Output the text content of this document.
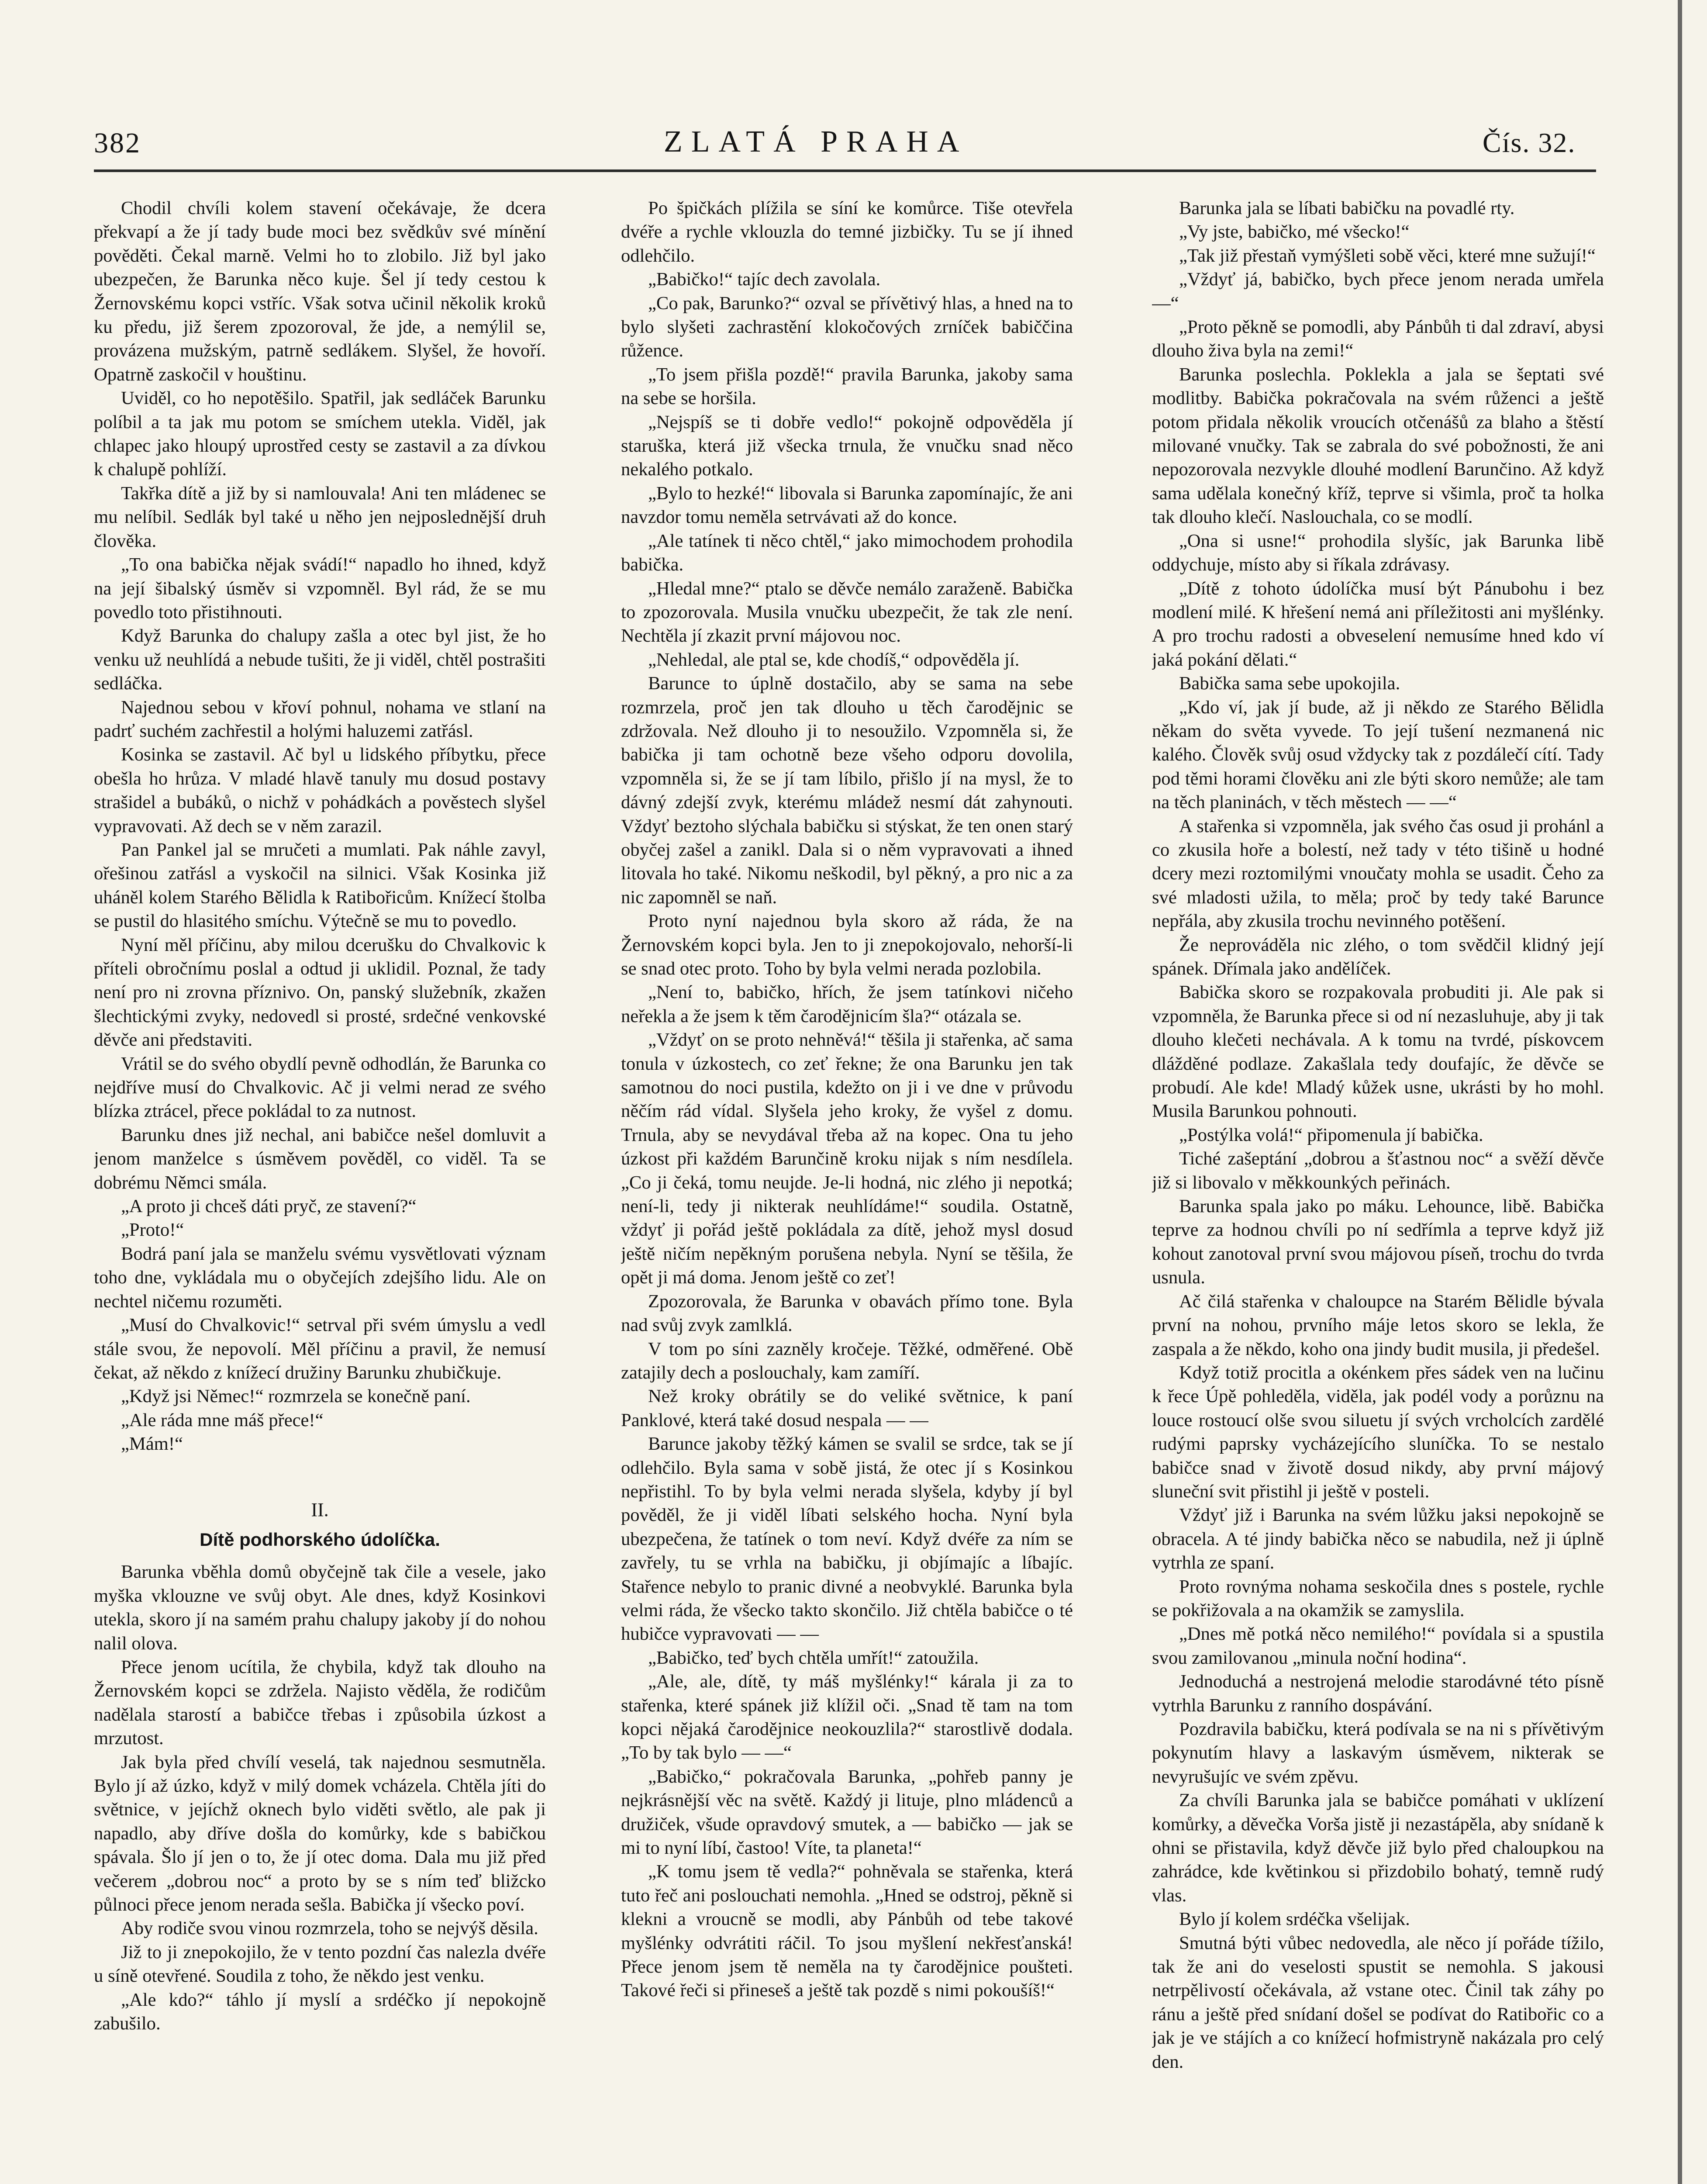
382	ZLATÁ PRAHA	Čís. 32.

Chodil chvíli kolem stavení očekávaje, že dcera překvapí a že jí tady bude moci bez svědkův své mínění pověděti. Čekal marně. Velmi ho to zlobilo. Již byl jako ubezpečen, že Barunka něco kuje. Šel jí tedy cestou k Žernovskému kopci vstříc. Však sotva učinil několik kroků ku předu, již šerem zpozoroval, že jde, a nemýlil se, provázena mužským, patrně sedlákem. Slyšel, že hovoří. Opatrně zaskočil v houštinu.

Uviděl, co ho nepotěšilo. Spatřil, jak sedláček Barunku políbil a ta jak mu potom se smíchem utekla. Viděl, jak chlapec jako hloupý uprostřed cesty se zastavil a za dívkou k chalupě pohlíží.

Takřka dítě a již by si namlouvala! Ani ten mládenec se mu nelíbil. Sedlák byl také u něho jen nejposlednější druh člověka.

„To ona babička nějak svádí!“ napadlo ho ihned, když na její šibalský úsměv si vzpomněl. Byl rád, že se mu povedlo toto přistihnouti.

Když Barunka do chalupy zašla a otec byl jist, že ho venku už neuhlídá a nebude tušiti, že ji viděl, chtěl postrašiti sedláčka.

Najednou sebou v křoví pohnul, nohama ve stlaní na padrť suchém zachřestil a holými haluzemi zatřásl.

Kosinka se zastavil. Ač byl u lidského příbytku, přece obešla ho hrůza. V mladé hlavě tanuly mu dosud postavy strašidel a bubáků, o nichž v pohádkách a pověstech slyšel vypravovati. Až dech se v něm zarazil.

Pan Pankel jal se mručeti a mumlati. Pak náhle zavyl, ořešinou zatřásl a vyskočil na silnici. Však Kosinka již uháněl kolem Starého Bělidla k Ratibořicům. Knížecí štolba se pustil do hlasitého smíchu. Výtečně se mu to povedlo.

Nyní měl příčinu, aby milou dcerušku do Chvalkovic k příteli obročnímu poslal a odtud ji uklidil. Poznal, že tady není pro ni zrovna příznivo. On, panský služebník, zkažen šlechtickými zvyky, nedovedl si prosté, srdečné venkovské děvče ani představiti.

Vrátil se do svého obydlí pevně odhodlán, že Barunka co nejdříve musí do Chvalkovic. Ač ji velmi nerad ze svého blízka ztrácel, přece pokládal to za nutnost.

Barunku dnes již nechal, ani babičce nešel domluvit a jenom manželce s úsměvem pověděl, co viděl. Ta se dobrému Němci smála.

„A proto ji chceš dáti pryč, ze stavení?“

„Proto!“

Bodrá paní jala se manželu svému vysvětlovati význam toho dne, vykládala mu o obyčejích zdejšího lidu. Ale on nechtel ničemu rozuměti.

„Musí do Chvalkovic!“ setrval při svém úmyslu a vedl stále svou, že nepovolí. Měl příčinu a pravil, že nemusí čekat, až někdo z knížecí družiny Barunku zhubičkuje.

„Když jsi Němec!“ rozmrzela se konečně paní.

„Ale ráda mne máš přece!“

„Mám!“

II.

Dítě podhorského údolíčka.

Barunka vběhla domů obyčejně tak čile a vesele, jako myška vklouzne ve svůj obyt. Ale dnes, když Kosinkovi utekla, skoro jí na samém prahu chalupy jakoby jí do nohou nalil olova.

Přece jenom ucítila, že chybila, když tak dlouho na Žernovském kopci se zdržela. Najisto věděla, že rodičům nadělala starostí a babičce třebas i způsobila úzkost a mrzutost.

Jak byla před chvílí veselá, tak najednou sesmutněla. Bylo jí až úzko, když v milý domek vcházela. Chtěla jíti do světnice, v jejíchž oknech bylo viděti světlo, ale pak ji napadlo, aby dříve došla do komůrky, kde s babičkou spávala. Šlo jí jen o to, že jí otec doma. Dala mu již před večerem „dobrou noc“ a proto by se s ním teď bližcko půlnoci přece jenom nerada sešla. Babička jí všecko poví.

Aby rodiče svou vinou rozmrzela, toho se nejvýš děsila.

Již to ji znepokojilo, že v tento pozdní čas nalezla dvéře u síně otevřené. Soudila z toho, že někdo jest venku.

„Ale kdo?“ táhlo jí myslí a srdéčko jí nepokojně zabušilo.

Po špičkách plížila se síní ke komůrce. Tiše otevřela dvéře a rychle vklouzla do temné jizbičky. Tu se jí ihned odlehčilo.

„Babičko!“ tajíc dech zavolala.

„Co pak, Barunko?“ ozval se přívětivý hlas, a hned na to bylo slyšeti zachrastění klokočových zrníček babiččina růžence.

„To jsem přišla pozdě!“ pravila Barunka, jakoby sama na sebe se horšila.

„Nejspíš se ti dobře vedlo!“ pokojně odpověděla jí staruška, která již všecka trnula, že vnučku snad něco nekalého potkalo.

„Bylo to hezké!“ libovala si Barunka zapomínajíc, že ani navzdor tomu neměla setrvávati až do konce.

„Ale tatínek ti něco chtěl,“ jako mimochodem prohodila babička.

„Hledal mne?“ ptalo se děvče nemálo zaraženě. Babička to zpozorovala. Musila vnučku ubezpečit, že tak zle není. Nechtěla jí zkazit první májovou noc.

„Nehledal, ale ptal se, kde chodíš,“ odpověděla jí.

Barunce to úplně dostačilo, aby se sama na sebe rozmrzela, proč jen tak dlouho u těch čarodějnic se zdržovala. Než dlouho ji to nesoužilo. Vzpomněla si, že babička ji tam ochotně beze všeho odporu dovolila, vzpomněla si, že se jí tam líbilo, přišlo jí na mysl, že to dávný zdejší zvyk, kterému mládež nesmí dát zahynouti. Vždyť beztoho slýchala babičku si stýskat, že ten onen starý obyčej zašel a zanikl. Dala si o něm vypravovati a ihned litovala ho také. Nikomu neškodil, byl pěkný, a pro nic a za nic zapomněl se naň.

Proto nyní najednou byla skoro až ráda, že na Žernovském kopci byla. Jen to ji znepokojovalo, nehorší-li se snad otec proto. Toho by byla velmi nerada pozlobila.

„Není to, babičko, hřích, že jsem tatínkovi ničeho neřekla a že jsem k těm čarodějnicím šla?“ otázala se.

„Vždyť on se proto nehněvá!“ těšila ji stařenka, ač sama tonula v úzkostech, co zeť řekne; že ona Barunku jen tak samotnou do noci pustila, kdežto on ji i ve dne v průvodu něčím rád vídal. Slyšela jeho kroky, že vyšel z domu. Trnula, aby se nevydával třeba až na kopec. Ona tu jeho úzkost při každém Barunčině kroku nijak s ním nesdílela. „Co ji čeká, tomu neujde. Je-li hodná, nic zlého ji nepotká; není-li, tedy ji nikterak neuhlídáme!“ soudila. Ostatně, vždyť ji pořád ještě pokládala za dítě, jehož mysl dosud ještě ničím nepěkným porušena nebyla. Nyní se těšila, že opět ji má doma. Jenom ještě co zeť!

Zpozorovala, že Barunka v obavách přímo tone. Byla nad svůj zvyk zamlklá.

V tom po síni zazněly kročeje. Těžké, odměřené. Obě zatajily dech a poslouchaly, kam zamíří.

Než kroky obrátily se do veliké světnice, k paní Panklové, která také dosud nespala — —

Barunce jakoby těžký kámen se svalil se srdce, tak se jí odlehčilo. Byla sama v sobě jistá, že otec jí s Kosinkou nepřistihl. To by byla velmi nerada slyšela, kdyby jí byl pověděl, že ji viděl líbati selského hocha. Nyní byla ubezpečena, že tatínek o tom neví. Když dvéře za ním se zavřely, tu se vrhla na babičku, ji objímajíc a líbajíc. Stařence nebylo to pranic divné a neobvyklé. Barunka byla velmi ráda, že všecko takto skončilo. Již chtěla babičce o té hubičce vypravovati — —

„Babičko, teď bych chtěla umřít!“ zatoužila.

„Ale, ale, dítě, ty máš myšlénky!“ kárala ji za to stařenka, které spánek již klížil oči. „Snad tě tam na tom kopci nějaká čarodějnice neokouzlila?“ starostlivě dodala. „To by tak bylo — —“

„Babičko,“ pokračovala Barunka, „pohřeb panny je nejkrásnější věc na světě. Každý ji lituje, plno mládenců a družiček, všude opravdový smutek, a — babičko — jak se mi to nyní líbí, častoo! Víte, ta planeta!“

„K tomu jsem tě vedla?“ pohněvala se stařenka, která tuto řeč ani poslouchati nemohla. „Hned se odstroj, pěkně si klekni a vroucně se modli, aby Pánbůh od tebe takové myšlénky odvrátiti ráčil. To jsou myšlení nekřesťanská! Přece jenom jsem tě neměla na ty čarodějnice poušteti. Takové řeči si přineseš a ještě tak pozdě s nimi pokoušíš!“

Barunka jala se líbati babičku na povadlé rty.

„Vy jste, babičko, mé všecko!“

„Tak již přestaň vymýšleti sobě věci, které mne sužují!“

„Vždyť já, babičko, bych přece jenom nerada umřela —“

„Proto pěkně se pomodli, aby Pánbůh ti dal zdraví, abysi dlouho živa byla na zemi!“

Barunka poslechla. Poklekla a jala se šeptati své modlitby. Babička pokračovala na svém růženci a ještě potom přidala několik vroucích otčenášů za blaho a štěstí milované vnučky. Tak se zabrala do své pobožnosti, že ani nepozorovala nezvykle dlouhé modlení Barunčino. Až když sama udělala konečný kříž, teprve si všimla, proč ta holka tak dlouho klečí. Naslouchala, co se modlí.

„Ona si usne!“ prohodila slyšíc, jak Barunka libě oddychuje, místo aby si říkala zdrávasy.

„Dítě z tohoto údolíčka musí být Pánubohu i bez modlení milé. K hřešení nemá ani příležitosti ani myšlénky. A pro trochu radosti a obveselení nemusíme hned kdo ví jaká pokání dělati.“

Babička sama sebe upokojila.

„Kdo ví, jak jí bude, až ji někdo ze Starého Bělidla někam do světa vyvede. To její tušení nezmanená nic kalého. Člověk svůj osud vždycky tak z pozdálečí cítí. Tady pod těmi horami člověku ani zle býti skoro nemůže; ale tam na těch planinách, v těch městech — —“

A stařenka si vzpomněla, jak svého čas osud ji prohánl a co zkusila hoře a bolestí, než tady v této tišině u hodné dcery mezi roztomilými vnoučaty mohla se usadit. Čeho za své mladosti užila, to měla; proč by tedy také Barunce nepřála, aby zkusila trochu nevinného potěšení.

Že neprováděla nic zlého, o tom svědčil klidný její spánek. Dřímala jako andělíček.

Babička skoro se rozpakovala probuditi ji. Ale pak si vzpomněla, že Barunka přece si od ní nezasluhuje, aby ji tak dlouho klečeti nechávala. A k tomu na tvrdé, pískovcem dlážděné podlaze. Zakašlala tedy doufajíc, že děvče se probudí. Ale kde! Mladý kůžek usne, ukrásti by ho mohl. Musila Barunkou pohnouti.

„Postýlka volá!“ připomenula jí babička.

Tiché zašeptání „dobrou a šťastnou noc“ a svěží děvče již si libovalo v měkkounkých peřinách.

Barunka spala jako po máku. Lehounce, libě. Babička teprve za hodnou chvíli po ní sedřímla a teprve když již kohout zanotoval první svou májovou píseň, trochu do tvrda usnula.

Ač čilá stařenka v chaloupce na Starém Bělidle bývala první na nohou, prvního máje letos skoro se lekla, že zaspala a že někdo, koho ona jindy budit musila, ji předešel.

Když totiž procitla a okénkem přes sádek ven na lučinu k řece Úpě pohleděla, viděla, jak podél vody a porůznu na louce rostoucí olše svou siluetu jí svých vrcholcích zardělé rudými paprsky vycházejícího sluníčka. To se nestalo babičce snad v životě dosud nikdy, aby první májový sluneční svit přistihl ji ještě v posteli.

Vždyť již i Barunka na svém lůžku jaksi nepokojně se obracela. A té jindy babička něco se nabudila, než ji úplně vytrhla ze spaní.

Proto rovnýma nohama seskočila dnes s postele, rychle se pokřižovala a na okamžik se zamyslila.

„Dnes mě potká něco nemilého!“ povídala si a spustila svou zamilovanou „minula noční hodina“.

Jednoduchá a nestrojená melodie starodávné této písně vytrhla Barunku z ranního dospávání.

Pozdravila babičku, která podívala se na ni s přívětivým pokynutím hlavy a laskavým úsměvem, nikterak se nevyrušujíc ve svém zpěvu.

Za chvíli Barunka jala se babičce pomáhati v uklízení komůrky, a děvečka Vorša jistě ji nezastápěla, aby snídaně k ohni se přistavila, když děvče již bylo před chaloupkou na zahrádce, kde květinkou si přizdobilo bohatý, temně rudý vlas.

Bylo jí kolem srdéčka všelijak.

Smutná býti vůbec nedovedla, ale něco jí pořáde tížilo, tak že ani do veselosti spustit se nemohla. S jakousi netrpělivostí očekávala, až vstane otec. Činil tak záhy po ránu a ještě před snídaní došel se podívat do Ratibořic co a jak je ve stájích a co knížecí hofmistryně nakázala pro celý den.
